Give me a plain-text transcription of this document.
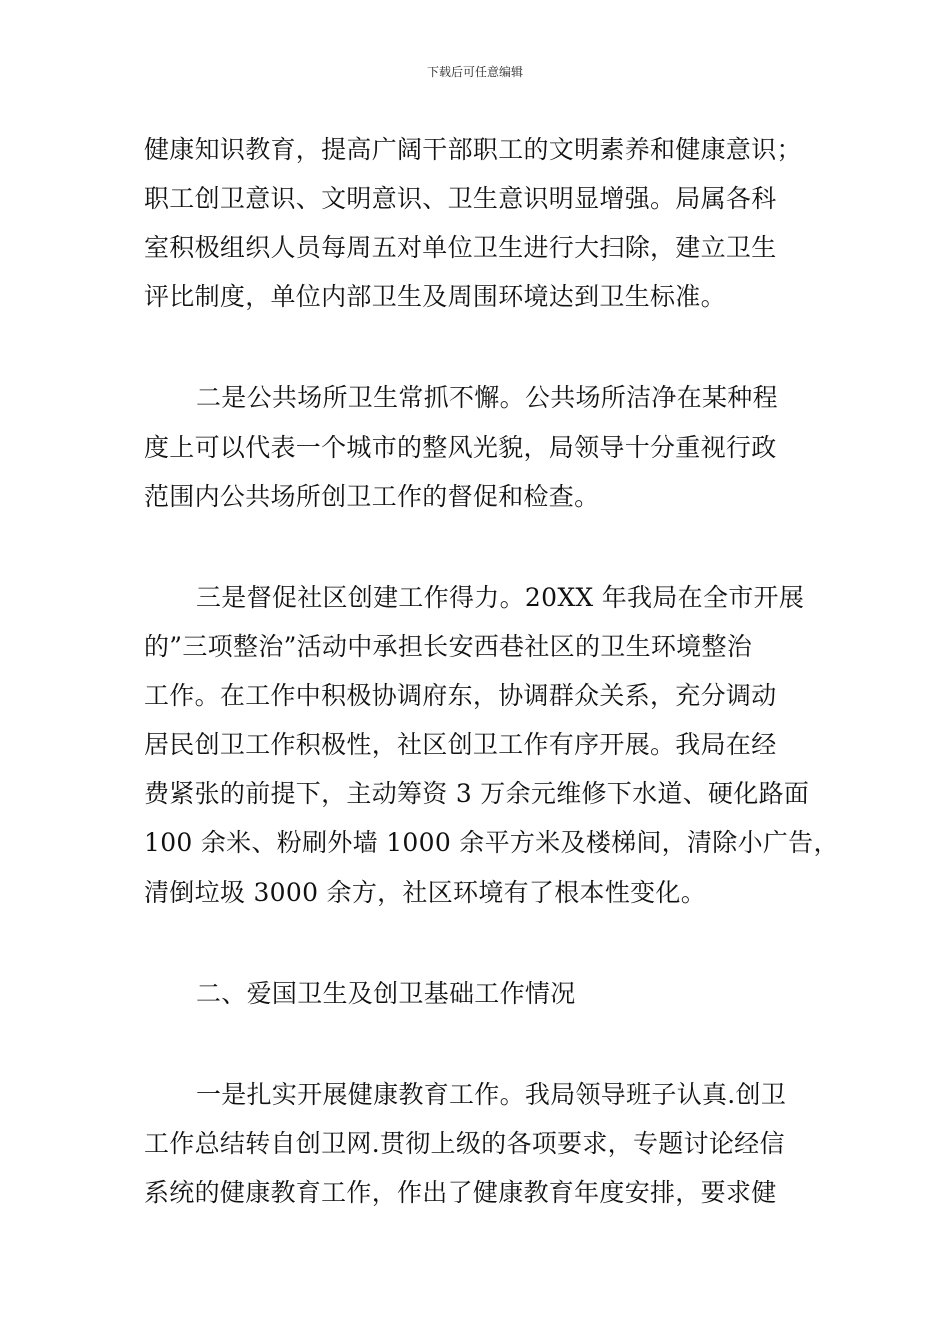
下载后可任意编辑
健康知识教育，提高广阔干部职工的文明素养和健康意识；
职工创卫意识、文明意识、卫生意识明显增强。局属各科
室积极组织人员每周五对单位卫生进行大扫除，建立卫生
评比制度，单位内部卫生及周围环境达到卫生标准。
二是公共场所卫生常抓不懈。公共场所洁净在某种程
度上可以代表一个城市的整风光貌，局领导十分重视行政
范围内公共场所创卫工作的督促和检查。
三是督促社区创建工作得力。20XX 年我局在全市开展
的”三项整治”活动中承担长安西巷社区的卫生环境整治
工作。在工作中积极协调府东，协调群众关系，充分调动
居民创卫工作积极性，社区创卫工作有序开展。我局在经
费紧张的前提下，主动筹资 3 万余元维修下水道、硬化路面
100 余米、粉刷外墙 1000 余平方米及楼梯间，清除小广告，
清倒垃圾 3000 余方，社区环境有了根本性变化。
二、爱国卫生及创卫基础工作情况
一是扎实开展健康教育工作。我局领导班子认真.创卫
工作总结转自创卫网.贯彻上级的各项要求，专题讨论经信
系统的健康教育工作，作出了健康教育年度安排，要求健
